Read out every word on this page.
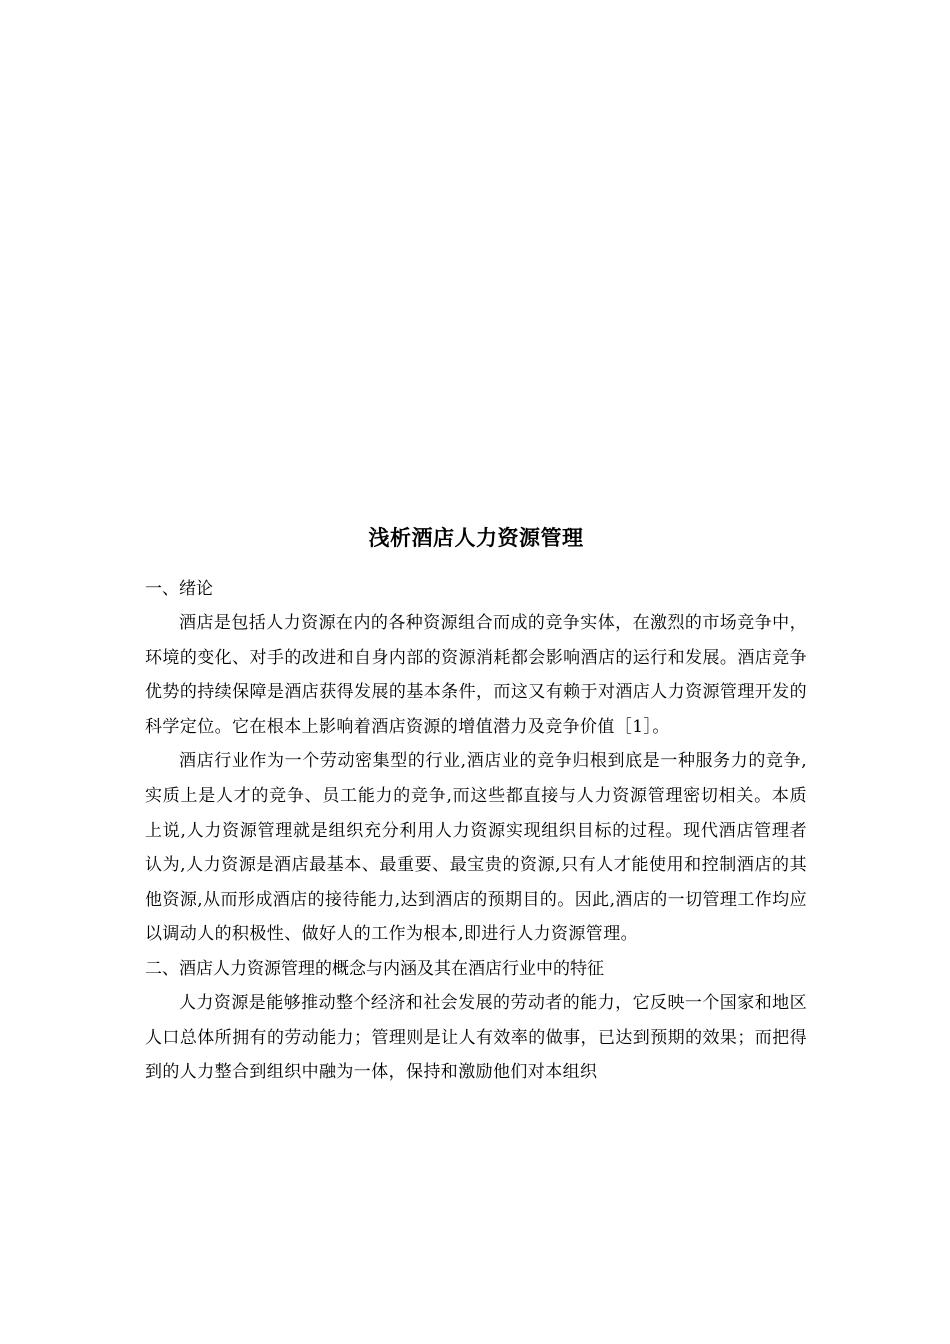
浅析酒店人力资源管理

一、绪论

酒店是包括人力资源在内的各种资源组合而成的竞争实体，在激烈的市场竞争中，环境的变化、对手的改进和自身内部的资源消耗都会影响酒店的运行和发展。酒店竞争优势的持续保障是酒店获得发展的基本条件，而这又有赖于对酒店人力资源管理开发的科学定位。它在根本上影响着酒店资源的增值潜力及竞争价值［1］。

酒店行业作为一个劳动密集型的行业,酒店业的竞争归根到底是一种服务力的竞争,实质上是人才的竞争、员工能力的竞争,而这些都直接与人力资源管理密切相关。本质上说,人力资源管理就是组织充分利用人力资源实现组织目标的过程。现代酒店管理者认为,人力资源是酒店最基本、最重要、最宝贵的资源,只有人才能使用和控制酒店的其他资源,从而形成酒店的接待能力,达到酒店的预期目的。因此,酒店的一切管理工作均应以调动人的积极性、做好人的工作为根本,即进行人力资源管理。

二、酒店人力资源管理的概念与内涵及其在酒店行业中的特征

人力资源是能够推动整个经济和社会发展的劳动者的能力，它反映一个国家和地区人口总体所拥有的劳动能力；管理则是让人有效率的做事，已达到预期的效果；而把得到的人力整合到组织中融为一体，保持和激励他们对本组织
